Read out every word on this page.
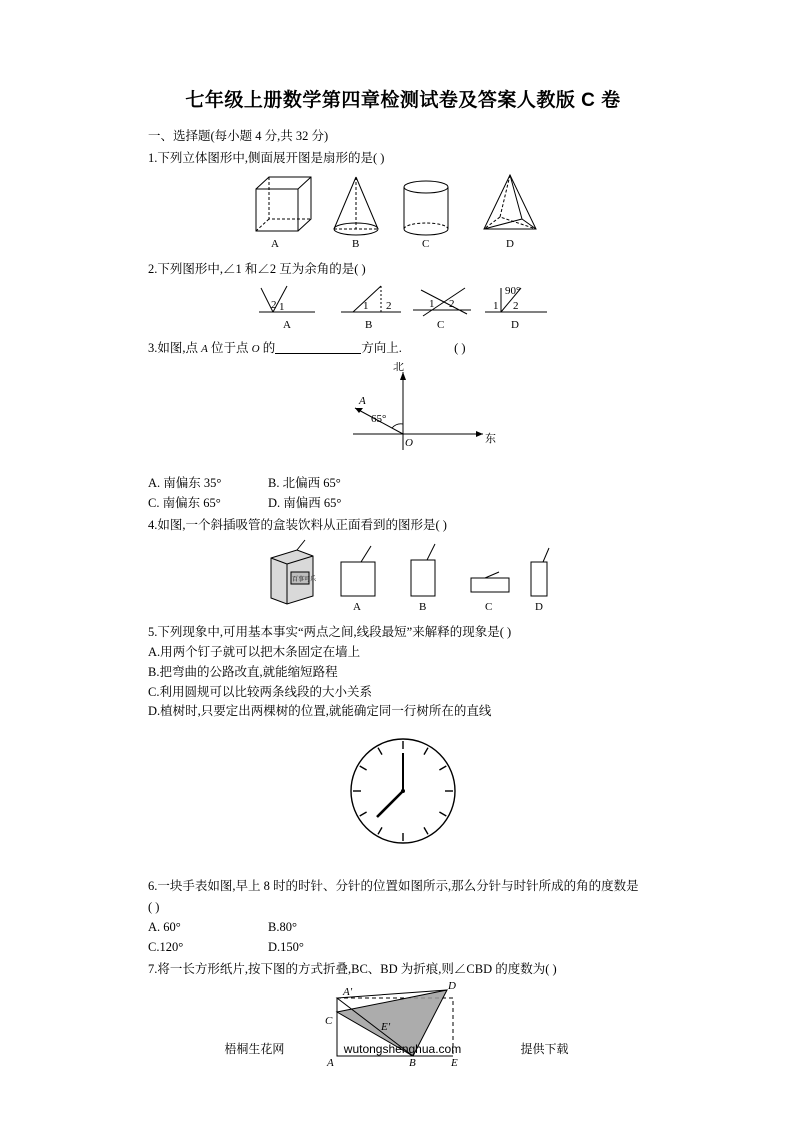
七年级上册数学第四章检测试卷及答案人教版 C 卷
一、选择题(每小题 4 分,共 32 分)
1.下列立体图形中,侧面展开图是扇形的是( )
A	B	C	D
2.下列图形中,∠1 和∠2 互为余角的是( )
2 1	1 2	1 2
90°
1 2
A	B	C	D
3.如图,点 A 位于点 O 的	方向上.	( )
北
东
A
O
65°
A. 南偏东 35°	B. 北偏西 65°
C. 南偏东 65°	D. 南偏西 65°
4.如图,一个斜插吸管的盒装饮料从正面看到的图形是( )
百事可乐
A	B	C	D
5.下列现象中,可用基本事实“两点之间,线段最短”来解释的现象是( )
A.用两个钉子就可以把木条固定在墙上
B.把弯曲的公路改直,就能缩短路程
C.利用圆规可以比较两条线段的大小关系
D.植树时,只要定出两棵树的位置,就能确定同一行树所在的直线
6.一块手表如图,早上 8 时的时针、分针的位置如图所示,那么分针与时针所成的角的度数是
( )
A. 60°	B.80°
C.120°	D.150°
7.将一长方形纸片,按下图的方式折叠,BC、BD 为折痕,则∠CBD 的度数为( )
A'	D
C	E'
A	B	E
梧桐生花网	wutongshenghua.com	提供下载
